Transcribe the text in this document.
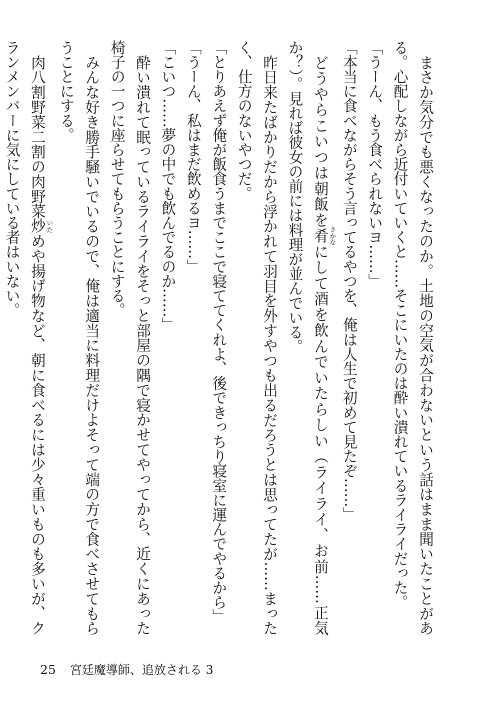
まさか気分でも悪くなったのか。土地の空気が合わないという話はまま聞いたことがある。心配しながら近付いていくと……そこにいたのは酔い潰れているライライだった。

「うーん、もう食べられないヨ……」

「本当に食べながらそう言ってるやつを、俺は人生で初めて見たぞ……」

どうやらこいつは朝飯を肴 さかなにして酒を飲んでいたらしい（ライライ、お前……正気か？）。見れば彼女の前には料理が並んでいる。

昨日来たばかりだから浮かれて羽目を外すやつも出るだろうとは思ってたが……まったく、仕方のないやつだ。

「とりあえず俺が飯食うまでここで寝ててくれよ、後できっちり寝室に運んでやるから」

「うーん、私はまだ飲めるヨ……」

「こいつ……夢の中でも飲んでるのか……」

酔い潰れて眠っているライライをそっと部屋の隅で寝かせてやってから、近くにあった椅子の一つに座らせてもらうことにする。

みんな好き勝手騒いでいるので、俺は適当に料理だけよそって端の方で食べさせてもらうことにする。

肉八割野菜二割の肉野菜炒 いためや揚げ物など、朝に食べるには少々重いものも多いが、クランメンバーに気にしている者はいない。

25 宮廷魔導師、追放される 3
